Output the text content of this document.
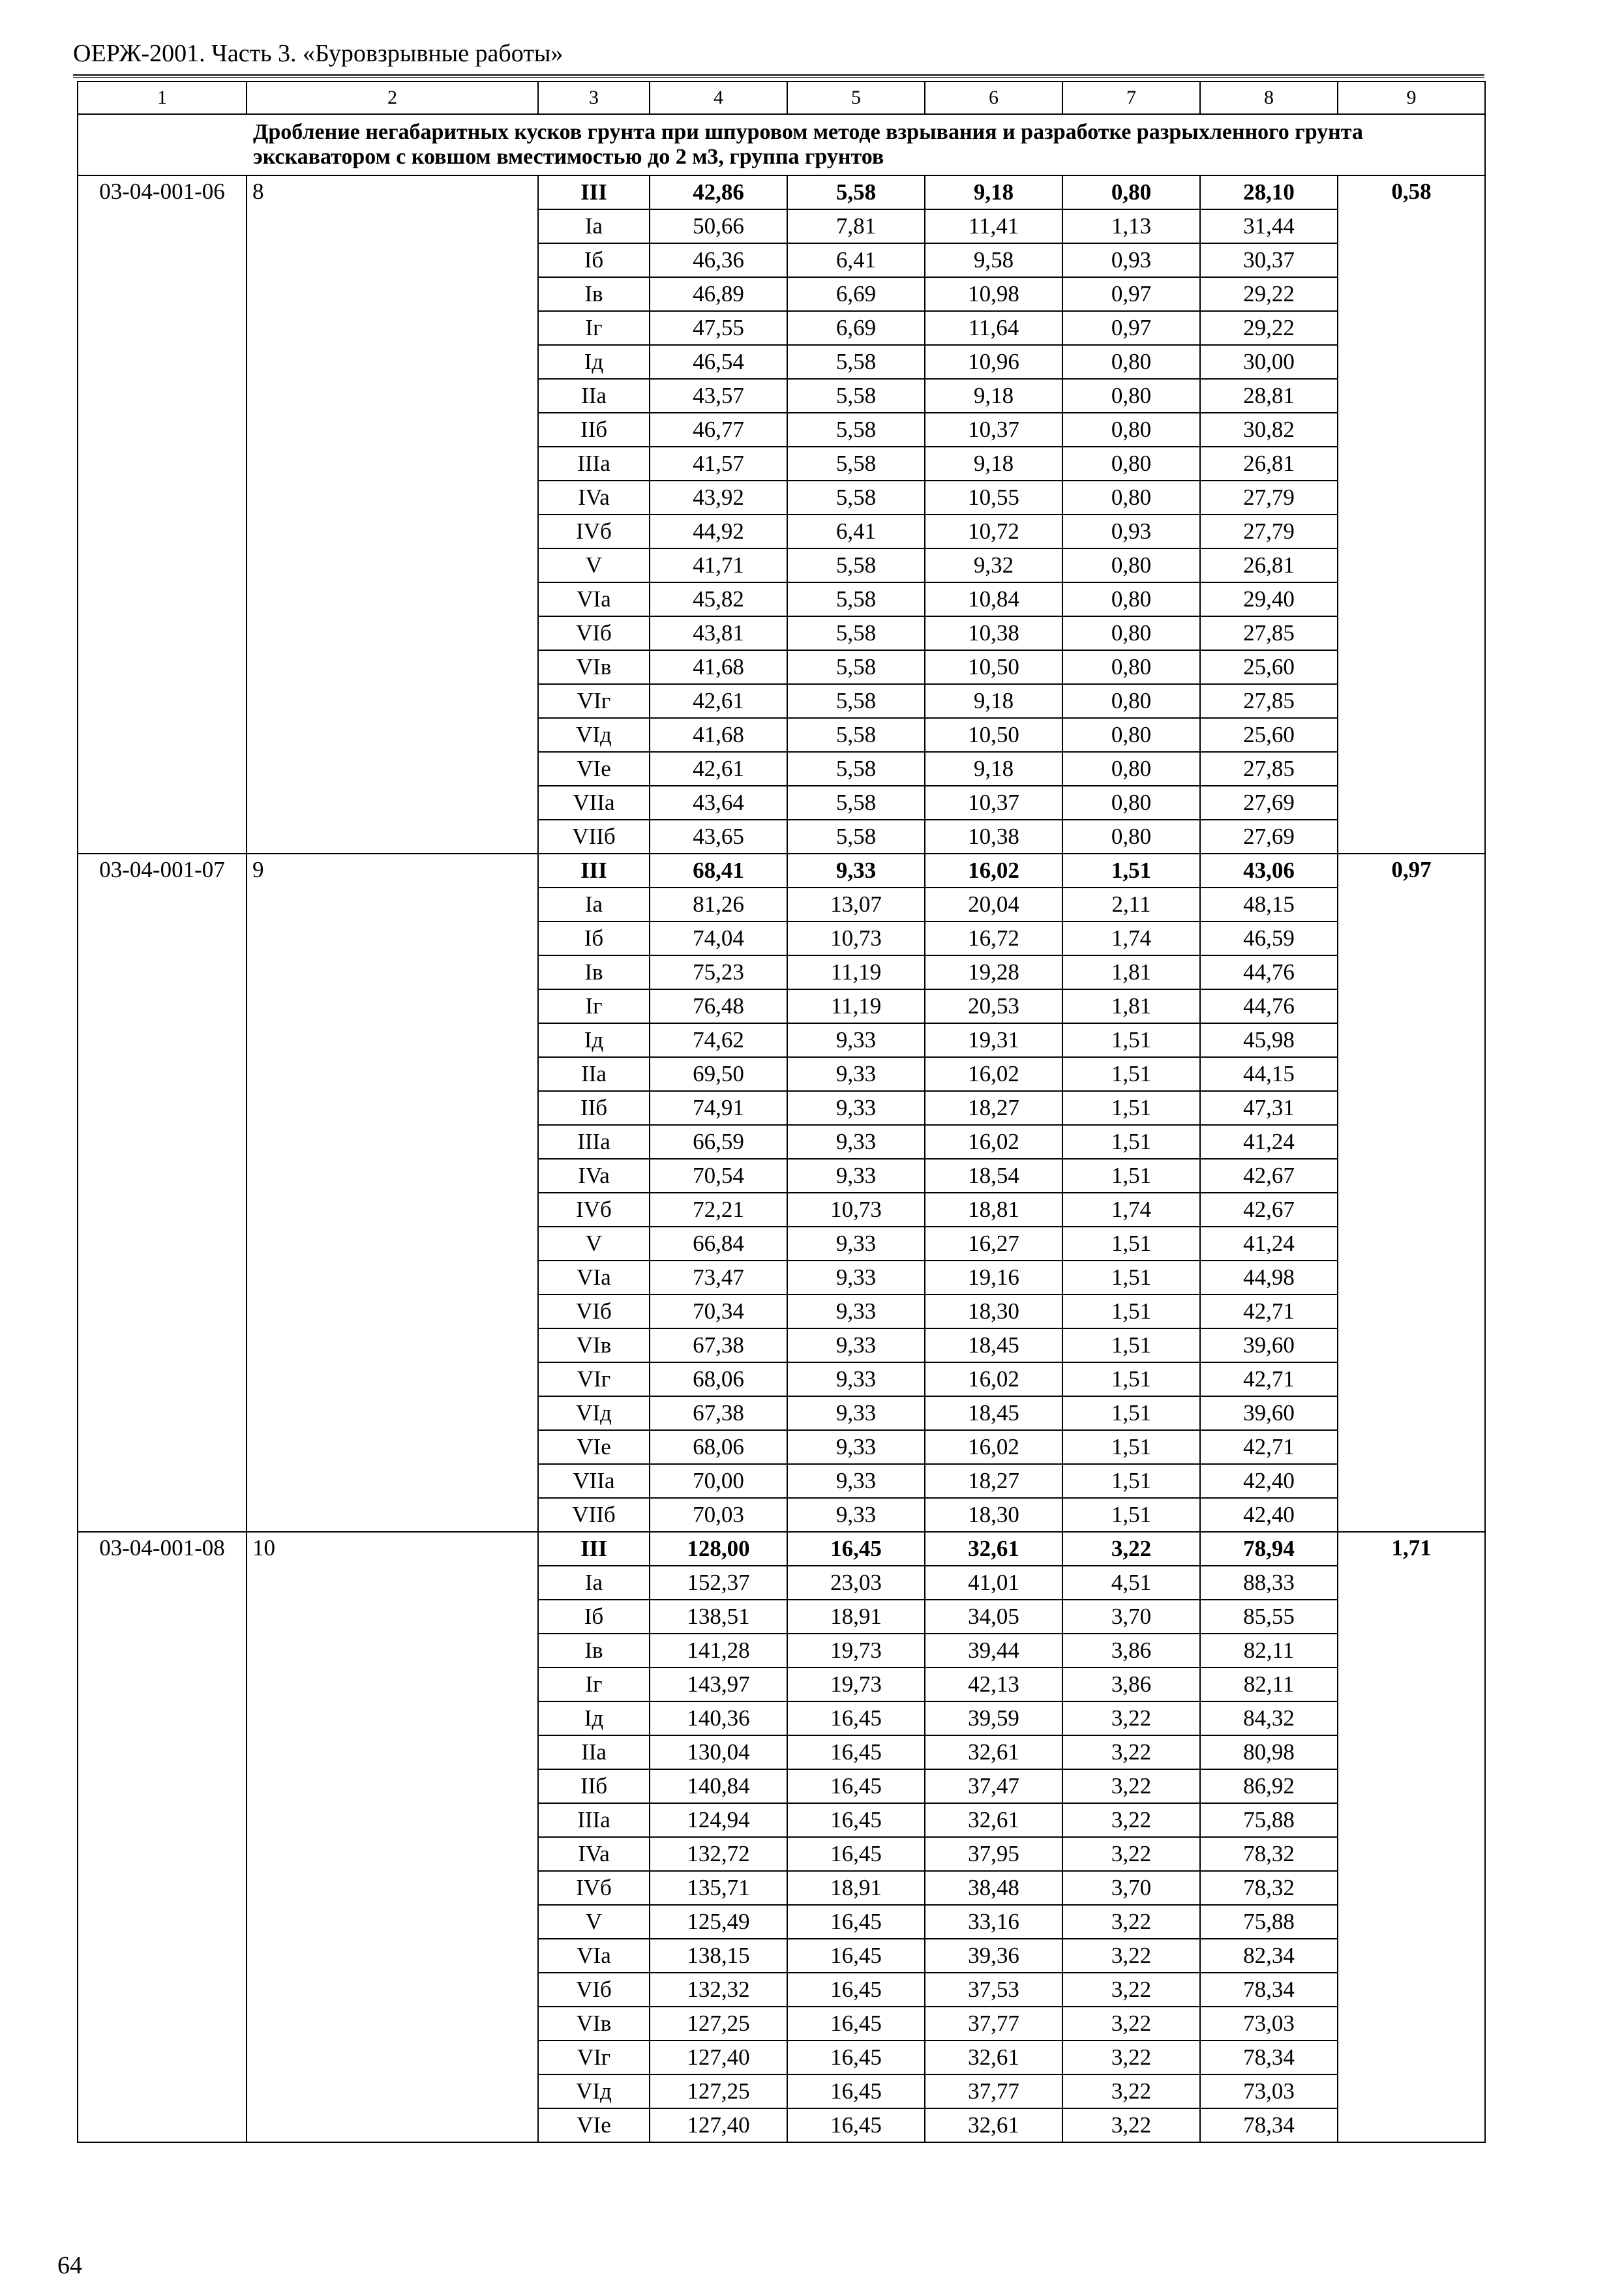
ОЕРЖ-2001. Часть 3. «Буровзрывные работы»
1	2	3	4	5	6	7	8	9
Дробление негабаритных кусков грунта при шпуровом методе взрывания и разработке разрыхленного грунта экскаватором с ковшом вместимостью до 2 м3, группа грунтов								
03-04-001-06	8	III	42,86	5,58	9,18	0,80	28,10	0,58
		Ia	50,66	7,81	11,41	1,13	31,44	
		Iб	46,36	6,41	9,58	0,93	30,37	
		Iв	46,89	6,69	10,98	0,97	29,22	
		Iг	47,55	6,69	11,64	0,97	29,22	
		Iд	46,54	5,58	10,96	0,80	30,00	
		IIa	43,57	5,58	9,18	0,80	28,81	
		IIб	46,77	5,58	10,37	0,80	30,82	
		IIIa	41,57	5,58	9,18	0,80	26,81	
		IVa	43,92	5,58	10,55	0,80	27,79	
		IVб	44,92	6,41	10,72	0,93	27,79	
		V	41,71	5,58	9,32	0,80	26,81	
		VIa	45,82	5,58	10,84	0,80	29,40	
		VIб	43,81	5,58	10,38	0,80	27,85	
		VIв	41,68	5,58	10,50	0,80	25,60	
		VIг	42,61	5,58	9,18	0,80	27,85	
		VIд	41,68	5,58	10,50	0,80	25,60	
		VIe	42,61	5,58	9,18	0,80	27,85	
		VIIa	43,64	5,58	10,37	0,80	27,69	
		VIIб	43,65	5,58	10,38	0,80	27,69	
03-04-001-07	9	III	68,41	9,33	16,02	1,51	43,06	0,97
		Ia	81,26	13,07	20,04	2,11	48,15	
		Iб	74,04	10,73	16,72	1,74	46,59	
		Iв	75,23	11,19	19,28	1,81	44,76	
		Iг	76,48	11,19	20,53	1,81	44,76	
		Iд	74,62	9,33	19,31	1,51	45,98	
		IIa	69,50	9,33	16,02	1,51	44,15	
		IIб	74,91	9,33	18,27	1,51	47,31	
		IIIa	66,59	9,33	16,02	1,51	41,24	
		IVa	70,54	9,33	18,54	1,51	42,67	
		IVб	72,21	10,73	18,81	1,74	42,67	
		V	66,84	9,33	16,27	1,51	41,24	
		VIa	73,47	9,33	19,16	1,51	44,98	
		VIб	70,34	9,33	18,30	1,51	42,71	
		VIв	67,38	9,33	18,45	1,51	39,60	
		VIг	68,06	9,33	16,02	1,51	42,71	
		VIд	67,38	9,33	18,45	1,51	39,60	
		VIe	68,06	9,33	16,02	1,51	42,71	
		VIIa	70,00	9,33	18,27	1,51	42,40	
		VIIб	70,03	9,33	18,30	1,51	42,40	
03-04-001-08	10	III	128,00	16,45	32,61	3,22	78,94	1,71
		Ia	152,37	23,03	41,01	4,51	88,33	
		Iб	138,51	18,91	34,05	3,70	85,55	
		Iв	141,28	19,73	39,44	3,86	82,11	
		Iг	143,97	19,73	42,13	3,86	82,11	
		Iд	140,36	16,45	39,59	3,22	84,32	
		IIa	130,04	16,45	32,61	3,22	80,98	
		IIб	140,84	16,45	37,47	3,22	86,92	
		IIIa	124,94	16,45	32,61	3,22	75,88	
		IVa	132,72	16,45	37,95	3,22	78,32	
		IVб	135,71	18,91	38,48	3,70	78,32	
		V	125,49	16,45	33,16	3,22	75,88	
		VIa	138,15	16,45	39,36	3,22	82,34	
		VIб	132,32	16,45	37,53	3,22	78,34	
		VIв	127,25	16,45	37,77	3,22	73,03	
		VIг	127,40	16,45	32,61	3,22	78,34	
		VIд	127,25	16,45	37,77	3,22	73,03	
		VIe	127,40	16,45	32,61	3,22	78,34	
64
